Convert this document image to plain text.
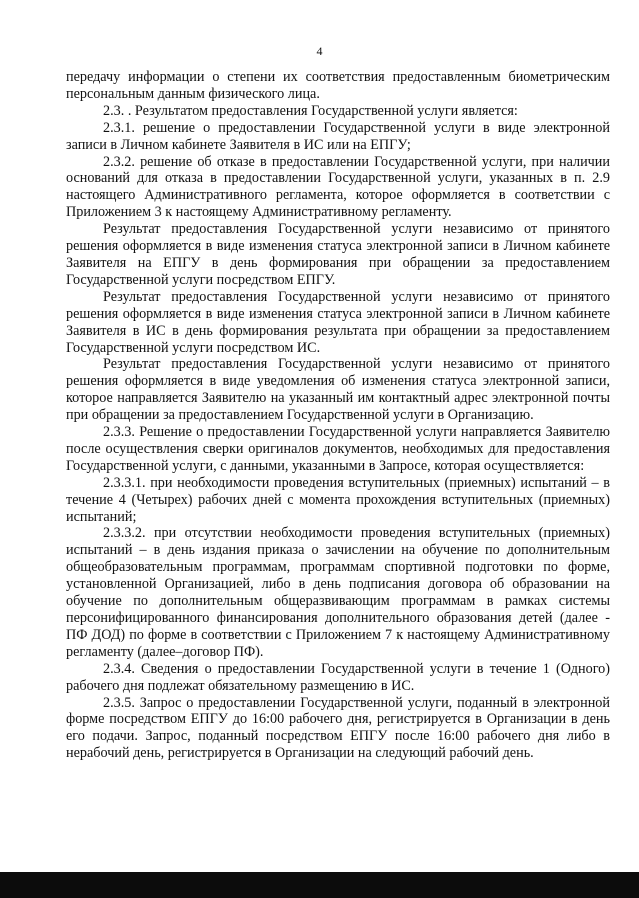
4

передачу информации о степени их соответствия предоставленным биометрическим персональным данным физического лица.

2.3. . Результатом предоставления Государственной услуги является:

2.3.1. решение о предоставлении Государственной услуги в виде электронной записи в Личном кабинете Заявителя в ИС или на ЕПГУ;

2.3.2. решение об отказе в предоставлении Государственной услуги, при наличии оснований для отказа в предоставлении Государственной услуги, указанных в п. 2.9 настоящего Административного регламента, которое оформляется в соответствии с Приложением 3 к настоящему Административному регламенту.

Результат предоставления Государственной услуги независимо от принятого решения оформляется в виде изменения статуса электронной записи в Личном кабинете Заявителя на ЕПГУ в день формирования при обращении за предоставлением Государственной услуги посредством ЕПГУ.

Результат предоставления Государственной услуги независимо от принятого решения оформляется в виде изменения статуса электронной записи в Личном кабинете Заявителя в ИС в день формирования результата при обращении за предоставлением Государственной услуги посредством ИС.

Результат предоставления Государственной услуги независимо от принятого решения оформляется в виде уведомления об изменения статуса электронной записи, которое направляется Заявителю на указанный им контактный адрес электронной почты при обращении за предоставлением Государственной услуги в Организацию.

2.3.3. Решение о предоставлении Государственной услуги направляется Заявителю после осуществления сверки оригиналов документов, необходимых для предоставления Государственной услуги, с данными, указанными в Запросе, которая осуществляется:

2.3.3.1. при необходимости проведения вступительных (приемных) испытаний – в течение 4 (Четырех) рабочих дней с момента прохождения вступительных (приемных) испытаний;

2.3.3.2. при отсутствии необходимости проведения вступительных (приемных) испытаний – в день издания приказа о зачислении на обучение по дополнительным общеобразовательным программам, программам спортивной подготовки по форме, установленной Организацией, либо в день подписания договора об образовании на обучение по дополнительным общеразвивающим программам в рамках системы персонифицированного финансирования дополнительного образования детей (далее - ПФ ДОД) по форме в соответствии с Приложением 7 к настоящему Административному регламенту (далее–договор ПФ).

2.3.4. Сведения о предоставлении Государственной услуги в течение 1 (Одного) рабочего дня подлежат обязательному размещению в ИС.

2.3.5. Запрос о предоставлении Государственной услуги, поданный в электронной форме посредством ЕПГУ до 16:00 рабочего дня, регистрируется в Организации в день его подачи. Запрос, поданный посредством ЕПГУ после 16:00 рабочего дня либо в нерабочий день, регистрируется в Организации на следующий рабочий день.
